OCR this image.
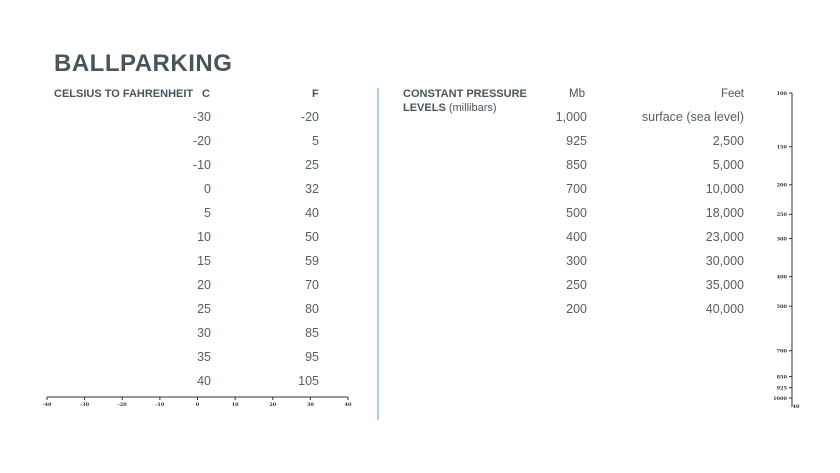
BALLPARKING
CELSIUS TO FAHRENHEIT C	F
-30	-20
-20	5
-10	25
0	32
5	40
10	50
15	59
20	70
25	80
30	85
35	95
40	105
-40	-30	-20	-10	0	10	20	30	40
CONSTANT PRESSURE
LEVELS (millibars)
Mb	Feet
1,000	surface (sea level)
925	2,500
850	5,000
700	10,000
500	18,000
400	23,000
300	30,000
250	35,000
200	40,000
100
150
200
250
300
400
500
700
850
925
1000
-40
